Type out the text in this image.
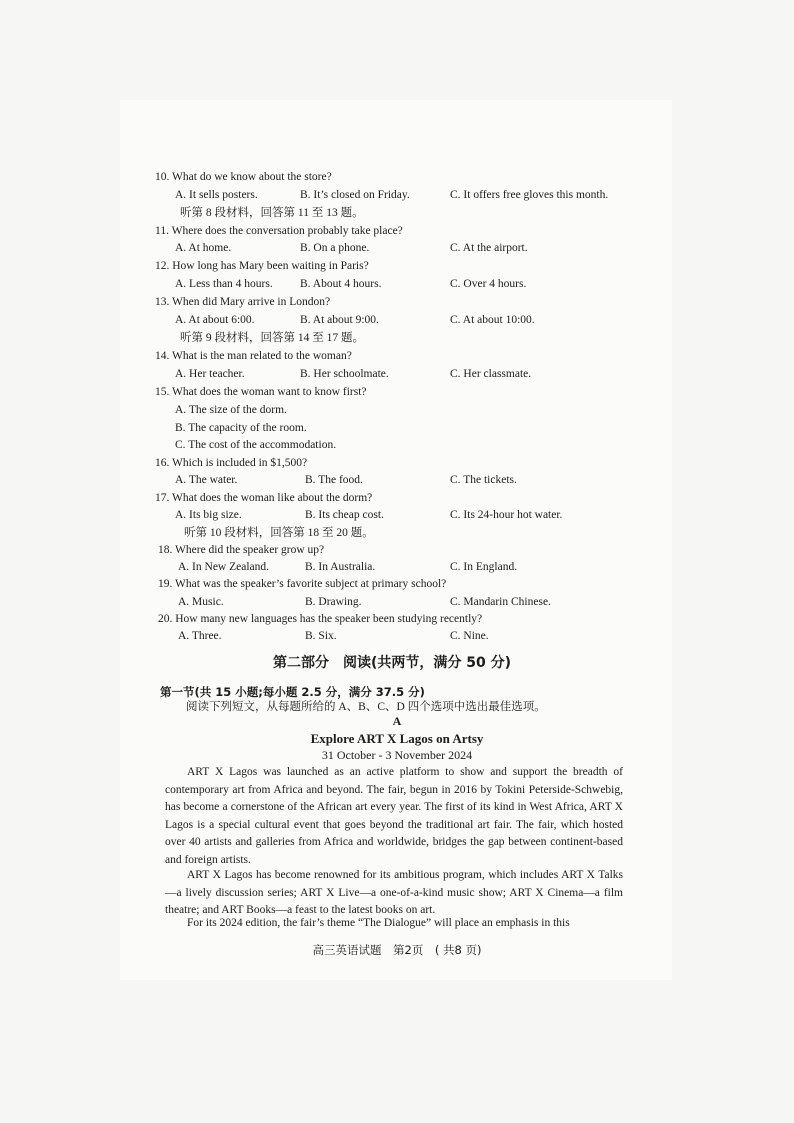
10. What do we know about the store?
A. It sells posters.	B. It’s closed on Friday.	C. It offers free gloves this month.
听第 8 段材料，回答第 11 至 13 题。
11. Where does the conversation probably take place?
A. At home.	B. On a phone.	C. At the airport.
12. How long has Mary been waiting in Paris?
A. Less than 4 hours. B. About 4 hours.	C. Over 4 hours.
13. When did Mary arrive in London?
A. At about 6:00.	B. At about 9:00.	C. At about 10:00.
听第 9 段材料，回答第 14 至 17 题。
14. What is the man related to the woman?
A. Her teacher.	B. Her schoolmate.	C. Her classmate.
15. What does the woman want to know first?
A. The size of the dorm.
B. The capacity of the room.
C. The cost of the accommodation.
16. Which is included in $1,500?
A. The water.	B. The food.	C. The tickets.
17. What does the woman like about the dorm?
A. Its big size.	B. Its cheap cost.	C. Its 24-hour hot water.
听第 10 段材料，回答第 18 至 20 题。
18. Where did the speaker grow up?
A. In New Zealand.	B. In Australia.	C. In England.
19. What was the speaker’s favorite subject at primary school?
A. Music.	B. Drawing.	C. Mandarin Chinese.
20. How many new languages has the speaker been studying recently?
A. Three.	B. Six.	C. Nine.
第二部分　阅读(共两节，满分 50 分)
第一节(共 15 小题;每小题 2.5 分，满分 37.5 分)
阅读下列短文，从每题所给的 A、B、C、D 四个选项中选出最佳选项。
A
Explore ART X Lagos on Artsy
31 October - 3 November 2024
ART X Lagos was launched as an active platform to show and support the breadth of contemporary art from Africa and beyond. The fair, begun in 2016 by Tokini Peterside-Schwebig, has become a cornerstone of the African art every year. The first of its kind in West Africa, ART X Lagos is a special cultural event that goes beyond the traditional art fair. The fair, which hosted over 40 artists and galleries from Africa and worldwide, bridges the gap between continent-based and foreign artists.
ART X Lagos has become renowned for its ambitious program, which includes ART X Talks —a lively discussion series; ART X Live—a one-of-a-kind music show; ART X Cinema—a film theatre; and ART Books—a feast to the latest books on art.
For its 2024 edition, the fair’s theme “The Dialogue” will place an emphasis in this
高三英语试题　第2页　( 共8 页)
